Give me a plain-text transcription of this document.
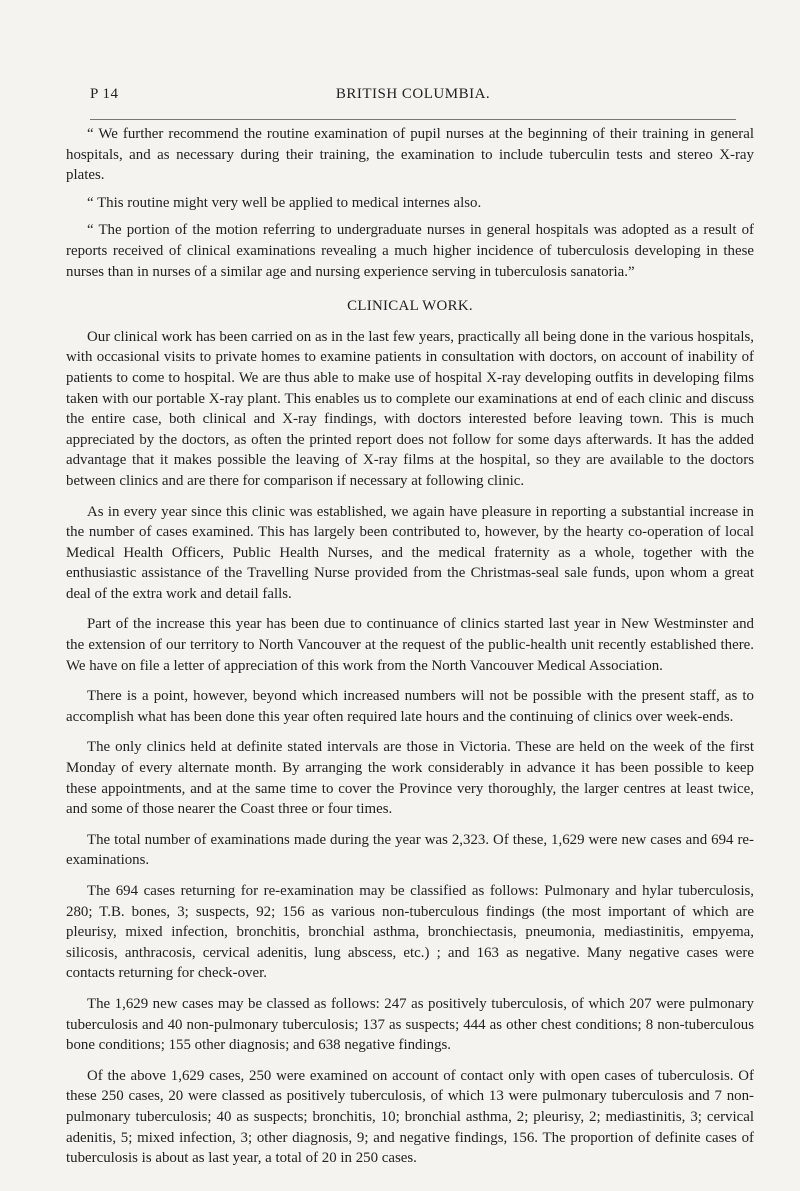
P 14	BRITISH COLUMBIA.

“ We further recommend the routine examination of pupil nurses at the beginning of their training in general hospitals, and as necessary during their training, the examination to include tuberculin tests and stereo X-ray plates.

“ This routine might very well be applied to medical internes also.

“ The portion of the motion referring to undergraduate nurses in general hospitals was adopted as a result of reports received of clinical examinations revealing a much higher incidence of tuberculosis developing in these nurses than in nurses of a similar age and nursing experience serving in tuberculosis sanatoria.”

CLINICAL WORK.

Our clinical work has been carried on as in the last few years, practically all being done in the various hospitals, with occasional visits to private homes to examine patients in consultation with doctors, on account of inability of patients to come to hospital. We are thus able to make use of hospital X-ray developing outfits in developing films taken with our portable X-ray plant. This enables us to complete our examinations at end of each clinic and discuss the entire case, both clinical and X-ray findings, with doctors interested before leaving town. This is much appreciated by the doctors, as often the printed report does not follow for some days afterwards. It has the added advantage that it makes possible the leaving of X-ray films at the hospital, so they are available to the doctors between clinics and are there for comparison if necessary at following clinic.

As in every year since this clinic was established, we again have pleasure in reporting a substantial increase in the number of cases examined. This has largely been contributed to, however, by the hearty co-operation of local Medical Health Officers, Public Health Nurses, and the medical fraternity as a whole, together with the enthusiastic assistance of the Travelling Nurse provided from the Christmas-seal sale funds, upon whom a great deal of the extra work and detail falls.

Part of the increase this year has been due to continuance of clinics started last year in New Westminster and the extension of our territory to North Vancouver at the request of the public-health unit recently established there. We have on file a letter of appreciation of this work from the North Vancouver Medical Association.

There is a point, however, beyond which increased numbers will not be possible with the present staff, as to accomplish what has been done this year often required late hours and the continuing of clinics over week-ends.

The only clinics held at definite stated intervals are those in Victoria. These are held on the week of the first Monday of every alternate month. By arranging the work considerably in advance it has been possible to keep these appointments, and at the same time to cover the Province very thoroughly, the larger centres at least twice, and some of those nearer the Coast three or four times.

The total number of examinations made during the year was 2,323. Of these, 1,629 were new cases and 694 re-examinations.

The 694 cases returning for re-examination may be classified as follows: Pulmonary and hylar tuberculosis, 280; T.B. bones, 3; suspects, 92; 156 as various non-tuberculous findings (the most important of which are pleurisy, mixed infection, bronchitis, bronchial asthma, bronchiectasis, pneumonia, mediastinitis, empyema, silicosis, anthracosis, cervical adenitis, lung abscess, etc.) ; and 163 as negative. Many negative cases were contacts returning for check-over.

The 1,629 new cases may be classed as follows: 247 as positively tuberculosis, of which 207 were pulmonary tuberculosis and 40 non-pulmonary tuberculosis; 137 as suspects; 444 as other chest conditions; 8 non-tuberculous bone conditions; 155 other diagnosis; and 638 negative findings.

Of the above 1,629 cases, 250 were examined on account of contact only with open cases of tuberculosis. Of these 250 cases, 20 were classed as positively tuberculosis, of which 13 were pulmonary tuberculosis and 7 non-pulmonary tuberculosis; 40 as suspects; bronchitis, 10; bronchial asthma, 2; pleurisy, 2; mediastinitis, 3; cervical adenitis, 5; mixed infection, 3; other diagnosis, 9; and negative findings, 156. The proportion of definite cases of tuberculosis is about as last year, a total of 20 in 250 cases.
